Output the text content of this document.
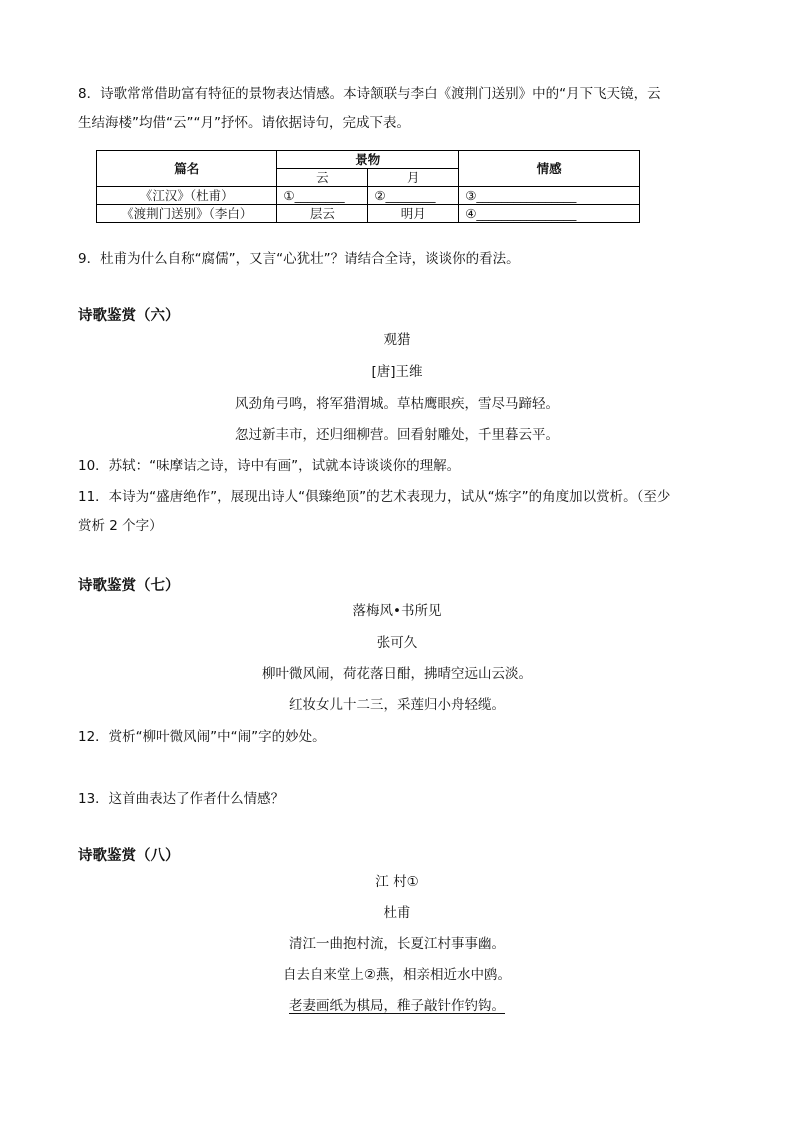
8．诗歌常常借助富有特征的景物表达情感。本诗颔联与李白《渡荆门送别》中的“月下飞天镜，云
生结海楼”均借“云”“月”抒怀。请依据诗句，完成下表。
篇名	景物		情感
	云	月	
《江汉》（杜甫）	①________	②________	③________________
《渡荆门送别》（李白）	层云	明月	④________________
9．杜甫为什么自称“腐儒”，又言“心犹壮”？请结合全诗，谈谈你的看法。
诗歌鉴赏（六）
观猎
[唐]王维
风劲角弓鸣，将军猎渭城。草枯鹰眼疾，雪尽马蹄轻。
忽过新丰市，还归细柳营。回看射雕处，千里暮云平。
10．苏轼：“味摩诘之诗，诗中有画”，试就本诗谈谈你的理解。
11．本诗为“盛唐绝作”，展现出诗人“俱臻绝顶”的艺术表现力，试从“炼字”的角度加以赏析。（至少
赏析 2 个字）
诗歌鉴赏（七）
落梅风•书所见
张可久
柳叶微风闹，荷花落日酣，拂晴空远山云淡。
红妆女儿十二三，采莲归小舟轻缆。
12．赏析“柳叶微风闹”中“闹”字的妙处。
13．这首曲表达了作者什么情感？
诗歌鉴赏（八）
江 村①
杜甫
清江一曲抱村流，长夏江村事事幽。
自去自来堂上②燕，相亲相近水中鸥。
老妻画纸为棋局，稚子敲针作钓钩。
